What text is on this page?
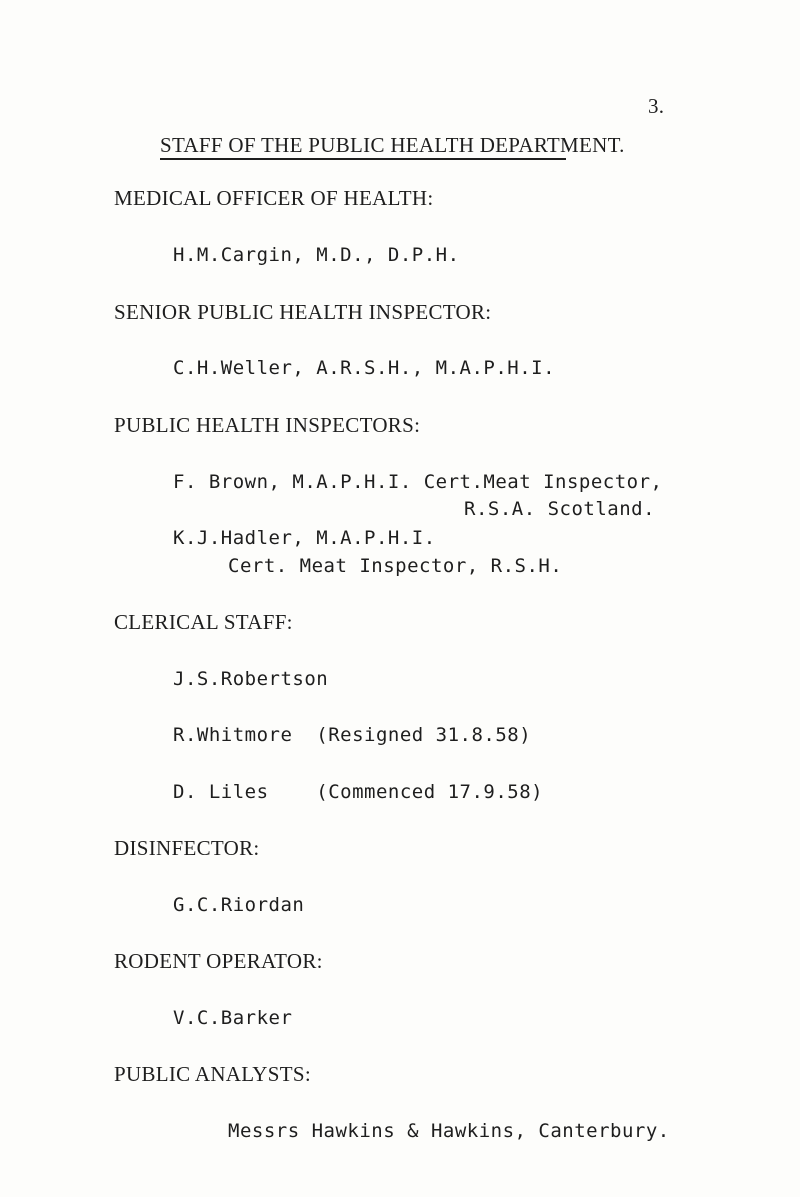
3.
STAFF OF THE PUBLIC HEALTH DEPARTMENT.
MEDICAL OFFICER OF HEALTH:
H.M.Cargin, M.D., D.P.H.
SENIOR PUBLIC HEALTH INSPECTOR:
C.H.Weller, A.R.S.H., M.A.P.H.I.
PUBLIC HEALTH INSPECTORS:
F. Brown, M.A.P.H.I. Cert.Meat Inspector,
R.S.A. Scotland.
K.J.Hadler, M.A.P.H.I.
Cert. Meat Inspector, R.S.H.
CLERICAL STAFF:
J.S.Robertson
R.Whitmore  (Resigned 31.8.58)
D. Liles    (Commenced 17.9.58)
DISINFECTOR:
G.C.Riordan
RODENT OPERATOR:
V.C.Barker
PUBLIC ANALYSTS:
Messrs Hawkins & Hawkins, Canterbury.
